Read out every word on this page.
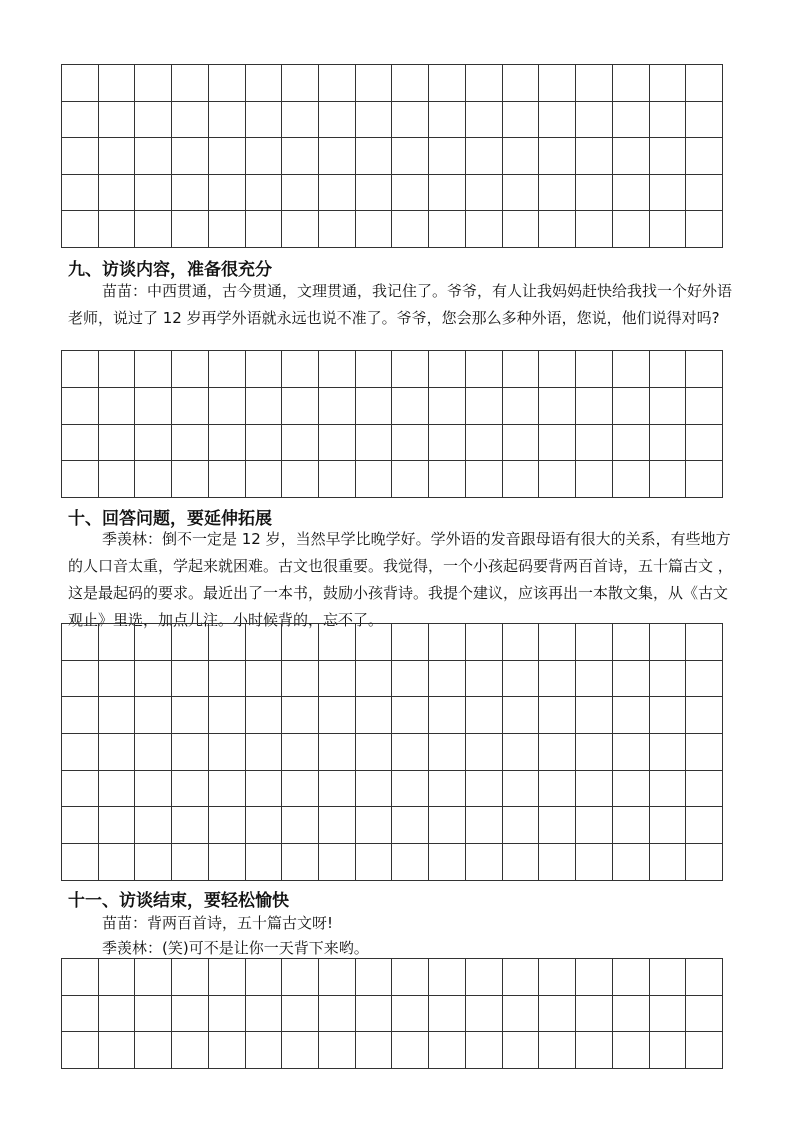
九、访谈内容，准备很充分

苗苗：中西贯通，古今贯通，文理贯通，我记住了。爷爷，有人让我妈妈赶快给我找一个好外语老师，说过了 12 岁再学外语就永远也说不准了。爷爷，您会那么多种外语，您说，他们说得对吗?

十、回答问题，要延伸拓展

季羡林：倒不一定是 12 岁，当然早学比晚学好。学外语的发音跟母语有很大的关系，有些地方的人口音太重，学起来就困难。古文也很重要。我觉得，一个小孩起码要背两百首诗，五十篇古文 ，这是最起码的要求。最近出了一本书，鼓励小孩背诗。我提个建议，应该再出一本散文集，从《古文观止》里选，加点儿注。小时候背的，忘不了。

十一、访谈结束，要轻松愉快

苗苗：背两百首诗，五十篇古文呀!

季羡林：(笑)可不是让你一天背下来哟。
